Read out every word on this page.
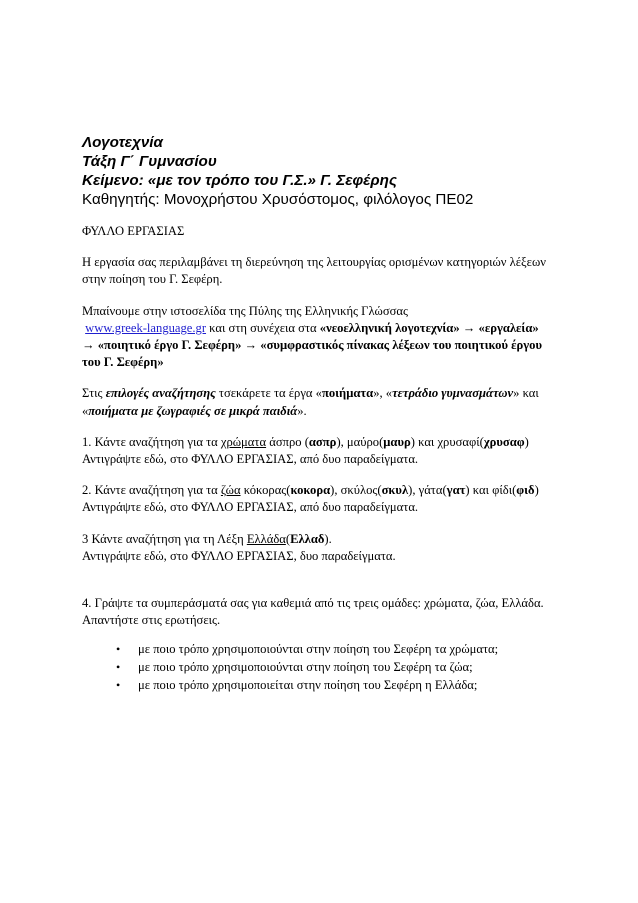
Λογοτεχνία
Τάξη Γ΄ Γυμνασίου
Κείμενο: «με τον τρόπο του Γ.Σ.» Γ. Σεφέρης
Καθηγητής: Μονοχρήστου Χρυσόστομος, φιλόλογος ΠΕ02
ΦΥΛΛΟ ΕΡΓΑΣΙΑΣ
Η εργασία σας περιλαμβάνει τη διερεύνηση της λειτουργίας ορισμένων κατηγοριών λέξεων στην ποίηση του Γ. Σεφέρη.
Μπαίνουμε στην ιστοσελίδα της Πύλης της Ελληνικής Γλώσσας
www.greek-language.gr και στη συνέχεια στα «νεοελληνική λογοτεχνία» → «εργαλεία» → «ποιητικό έργο Γ. Σεφέρη» → «συμφραστικός πίνακας λέξεων του ποιητικού έργου του Γ. Σεφέρη»
Στις επιλογές αναζήτησης τσεκάρετε τα έργα «ποιήματα», «τετράδιο γυμνασμάτων» και «ποιήματα με ζωγραφιές σε μικρά παιδιά».
1. Κάντε αναζήτηση για τα χρώματα άσπρο (ασπρ), μαύρο(μαυρ) και χρυσαφί(χρυσαφ)
Αντιγράψτε εδώ, στο ΦΥΛΛΟ ΕΡΓΑΣΙΑΣ, από δυο παραδείγματα.
2. Κάντε αναζήτηση για τα ζώα κόκορας(κοκορα), σκύλος(σκυλ), γάτα(γατ) και φίδι(φιδ)
Αντιγράψτε εδώ, στο ΦΥΛΛΟ ΕΡΓΑΣΙΑΣ, από δυο παραδείγματα.
3 Κάντε αναζήτηση για τη Λέξη Ελλάδα(Ελλαδ).
Αντιγράψτε εδώ, στο ΦΥΛΛΟ ΕΡΓΑΣΙΑΣ, δυο παραδείγματα.
4. Γράψτε τα συμπεράσματά σας για καθεμιά από τις τρεις ομάδες: χρώματα, ζώα, Ελλάδα. Απαντήστε στις ερωτήσεις.
• με ποιο τρόπο χρησιμοποιούνται στην ποίηση του Σεφέρη τα χρώματα;
• με ποιο τρόπο χρησιμοποιούνται στην ποίηση του Σεφέρη τα ζώα;
• με ποιο τρόπο χρησιμοποιείται στην ποίηση του Σεφέρη η Ελλάδα;
